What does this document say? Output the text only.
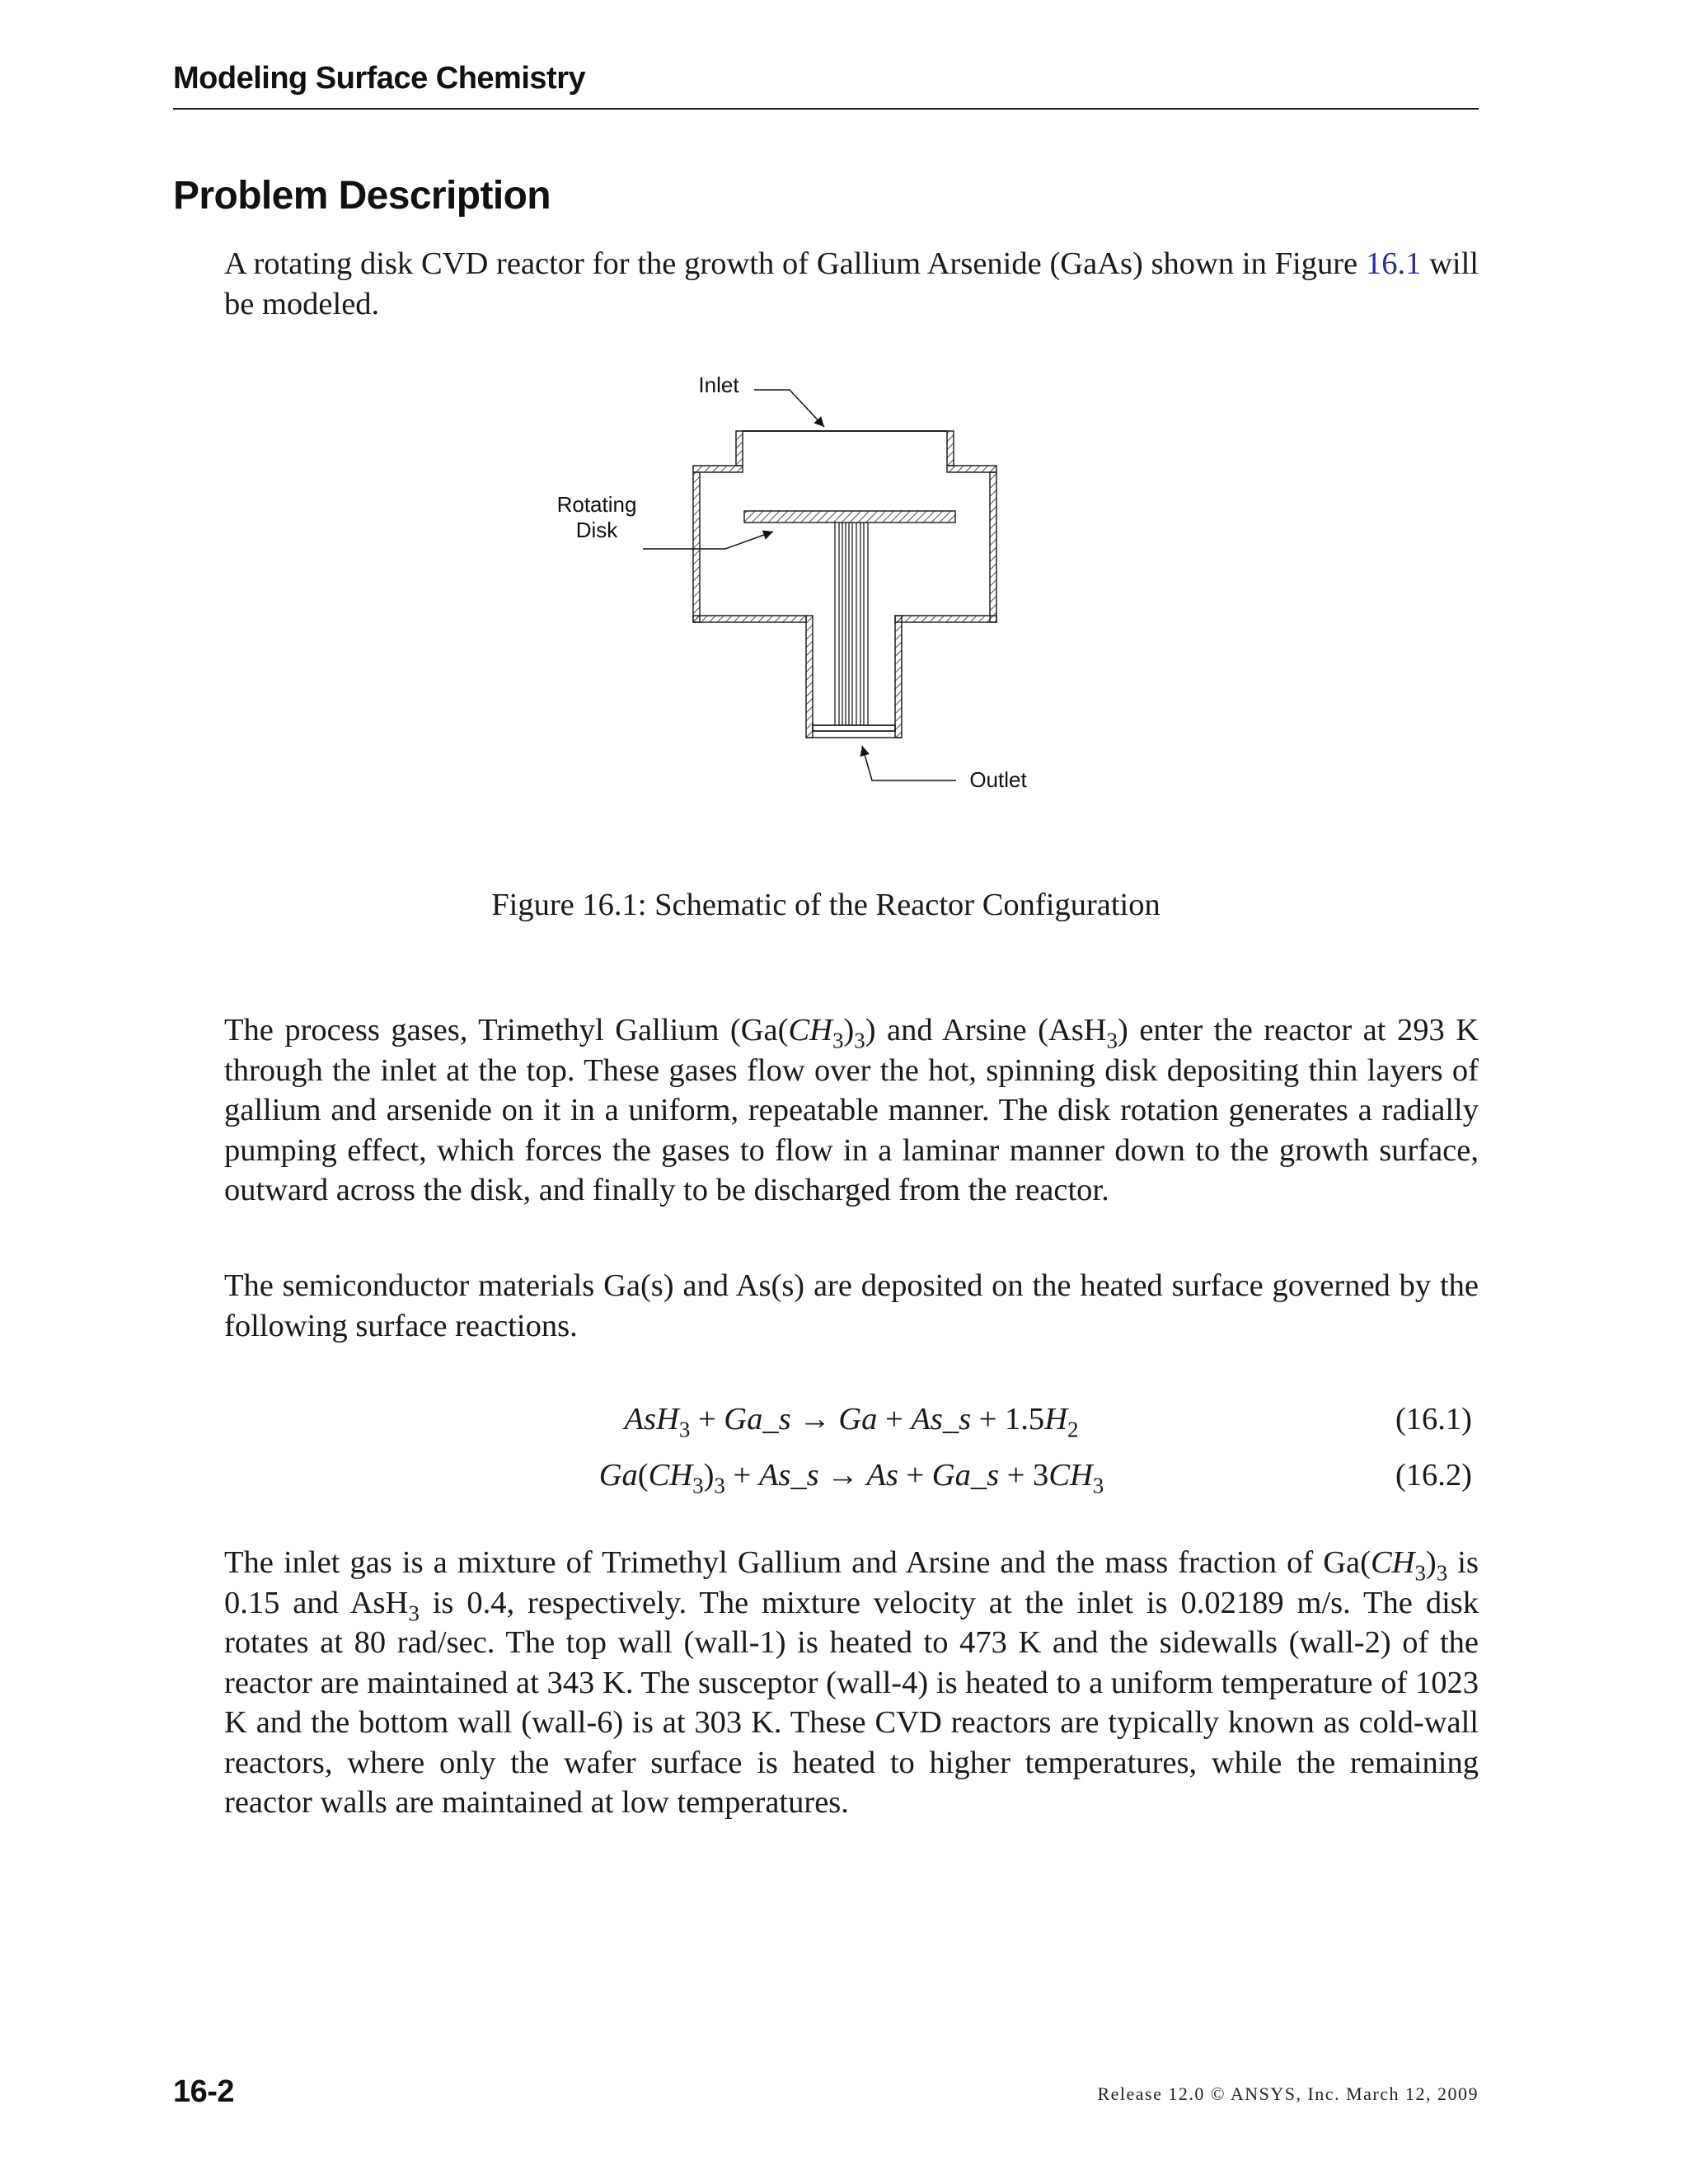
Modeling Surface Chemistry
Problem Description

A rotating disk CVD reactor for the growth of Gallium Arsenide (GaAs) shown in Figure 16.1 will be modeled.

Inlet
Rotating
Disk
Outlet
Figure 16.1: Schematic of the Reactor Configuration

The process gases, Trimethyl Gallium $(Ga(CH_3)_3)$ and Arsine (AsH$_3$) enter the reactor at 293 K through the inlet at the top. These gases flow over the hot, spinning disk depositing thin layers of gallium and arsenide on it in a uniform, repeatable manner. The disk rotation generates a radially pumping effect, which forces the gases to flow in a laminar manner down to the growth surface, outward across the disk, and finally to be discharged from the reactor.

The semiconductor materials Ga(s) and As(s) are deposited on the heated surface governed by the following surface reactions.

AsH$_3$ + Ga_s → Ga + As_s + $1.5H_2$	(16.1)
$Ga(CH_3)_3$ + As_s → As + Ga_s + $3CH_3$	(16.2)

The inlet gas is a mixture of Trimethyl Gallium and Arsine and the mass fraction of $Ga(CH_3)_3$ is 0.15 and AsH$_3$ is 0.4, respectively. The mixture velocity at the inlet is 0.02189 m/s. The disk rotates at 80 rad/sec. The top wall (wall-1) is heated to 473 K and the sidewalls (wall-2) of the reactor are maintained at 343 K. The susceptor (wall-4) is heated to a uniform temperature of 1023 K and the bottom wall (wall-6) is at 303 K. These CVD reactors are typically known as cold-wall reactors, where only the wafer surface is heated to higher temperatures, while the remaining reactor walls are maintained at low temperatures.

16-2	Release 12.0 © ANSYS, Inc. March 12, 2009
